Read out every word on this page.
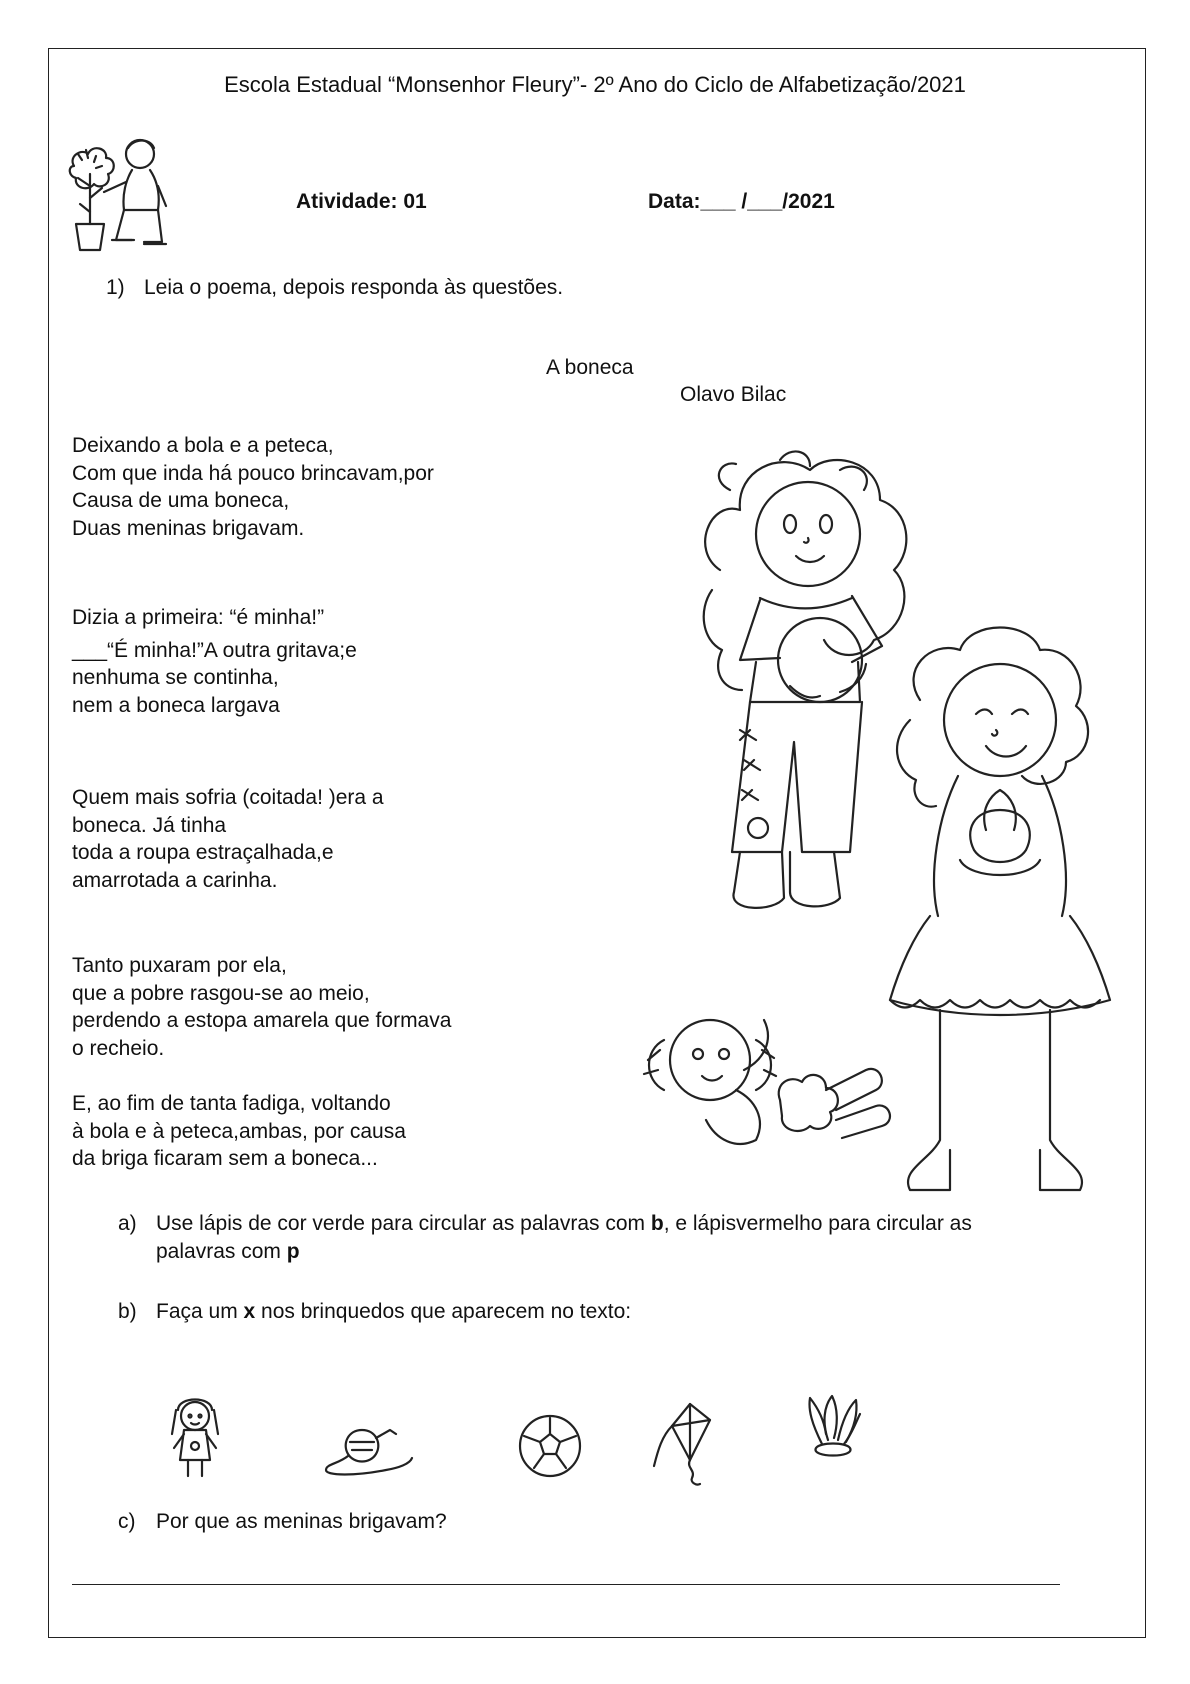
Escola Estadual “Monsenhor Fleury”- 2º Ano do Ciclo de Alfabetização/2021
Atividade: 01	Data:___ /___/2021
1) Leia o poema, depois responda às questões.
A boneca
Olavo Bilac
Deixando a bola e a peteca,
Com que inda há pouco brincavam,por
Causa de uma boneca,
Duas meninas brigavam.
Dizia a primeira: “é minha!”
___“É minha!”A outra gritava;e
nenhuma se continha,
nem a boneca largava
Quem mais sofria (coitada! )era a
boneca. Já tinha
toda a roupa estraçalhada,e
amarrotada a carinha.
Tanto puxaram por ela,
que a pobre rasgou-se ao meio,
perdendo a estopa amarela que formava
o recheio.
E, ao fim de tanta fadiga, voltando
à bola e à peteca,ambas, por causa
da briga ficaram sem a boneca...
a) Use lápis de cor verde para circular as palavras com b, e lápisvermelho para circular as
palavras com p
b) Faça um x nos brinquedos que aparecem no texto:
c) Por que as meninas brigavam?
